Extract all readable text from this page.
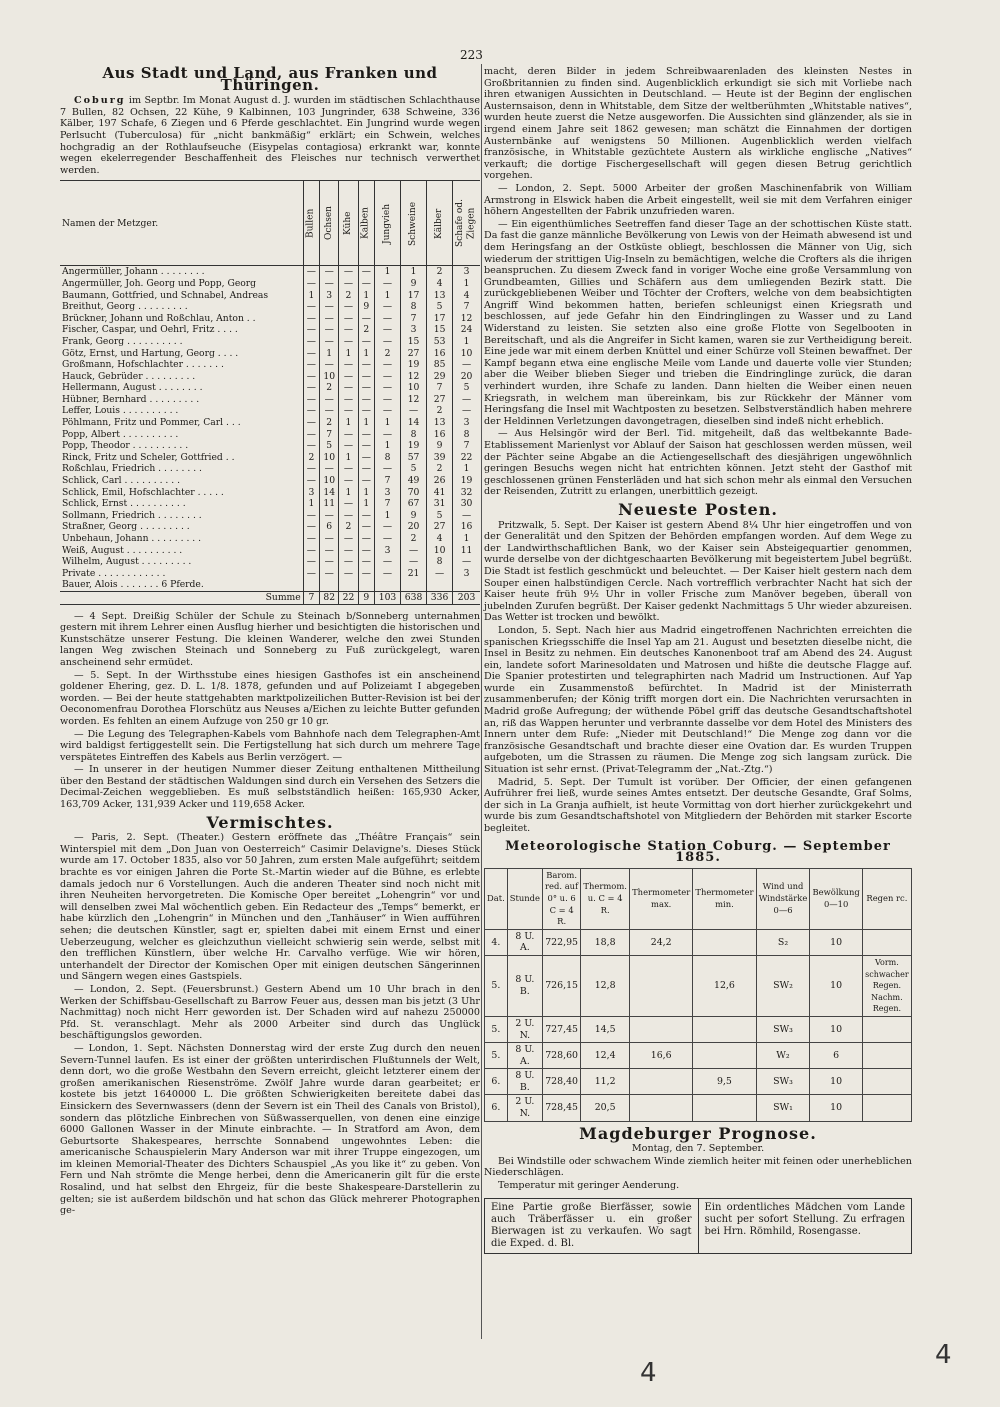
223
Aus Stadt und Land, aus Franken und Thüringen.

Coburg im Septbr. Im Monat August d. J. wurden im städtischen Schlachthause 7 Bullen, 82 Ochsen, 22 Kühe, 9 Kalbinnen, 103 Jungrinder, 638 Schweine, 336 Kälber, 197 Schafe, 6 Ziegen und 6 Pferde geschlachtet. Ein Jungrind wurde wegen Perlsucht (Tuberculosa) für „nicht bankmäßig“ erklärt; ein Schwein, welches hochgradig an der Rothlaufseuche (Eisypelas contagiosa) erkrankt war, konnte wegen ekelerregender Beschaffenheit des Fleisches nur technisch verwerthet werden.

Namen der Metzger.	Bullen	Ochsen	Kühe	Kalben	Jungvieh	Schweine	Kälber	Schafe od. Ziegen
Angermüller, Johann . . . . . . . .	—	—	—	—	1	1	2	3
Angermüller, Joh. Georg und Popp, Georg	—	—	—	—	—	9	4	1
Baumann, Gottfried, und Schnabel, Andreas	1	3	2	1	1	17	13	4
Breithut, Georg . . . . . . . . .	—	—	—	9	—	8	5	7
Brückner, Johann und Roßchlau, Anton . .	—	—	—	—	—	7	17	12
Fischer, Caspar, und Oehrl, Fritz . . . .	—	—	—	2	—	3	15	24
Frank, Georg . . . . . . . . . .	—	—	—	—	—	15	53	1
Götz, Ernst, und Hartung, Georg . . . .	—	1	1	1	2	27	16	10
Großmann, Hofschlachter . . . . . . .	—	—	—	—	—	19	85	—
Hauck, Gebrüder . . . . . . . . .	—	10	—	—	—	12	29	20
Hellermann, August . . . . . . . .	—	2	—	—	—	10	7	5
Hübner, Bernhard . . . . . . . . .	—	—	—	—	—	12	27	—
Leffer, Louis . . . . . . . . . .	—	—	—	—	—	—	2	—
Pöhlmann, Fritz und Pommer, Carl . . .	—	2	1	1	1	14	13	3
Popp, Albert . . . . . . . . . .	—	7	—	—	—	8	16	8
Popp, Theodor . . . . . . . . . .	—	5	—	—	1	19	9	7
Rinck, Fritz und Scheler, Gottfried . .	2	10	1	—	8	57	39	22
Roßchlau, Friedrich . . . . . . . .	—	—	—	—	—	5	2	1
Schlick, Carl . . . . . . . . . .	—	10	—	—	7	49	26	19
Schlick, Emil, Hofschlachter . . . . .	3	14	1	1	3	70	41	32
Schlick, Ernst . . . . . . . . . .	1	11	—	1	7	67	31	30
Sollmann, Friedrich . . . . . . . .	—	—	—	—	1	9	5	—
Straßner, Georg . . . . . . . . .	—	6	2	—	—	20	27	16
Unbehaun, Johann . . . . . . . . .	—	—	—	—	—	2	4	1
Weiß, August . . . . . . . . . .	—	—	—	—	3	—	10	11
Wilhelm, August . . . . . . . . .	—	—	—	—	—	—	8	—
Private . . . . . . . . . . . .	—	—	—	—	—	21	—	3
Bauer, Alois . . . . . . . 6 Pferde.								
Summe	7	82	22	9	103	638	336	203

— 4 Sept. Dreißig Schüler der Schule zu Steinach b/Sonneberg unternahmen gestern mit ihrem Lehrer einen Ausflug hierher und besichtigten die historischen und Kunstschätze unserer Festung. Die kleinen Wanderer, welche den zwei Stunden langen Weg zwischen Steinach und Sonneberg zu Fuß zurückgelegt, waren anscheinend sehr ermüdet.

— 5. Sept. In der Wirthsstube eines hiesigen Gasthofes ist ein anscheinend goldener Ehering, gez. D. L. 1/8. 1878, gefunden und auf Polizeiamt I abgegeben worden. — Bei der heute stattgehabten marktpolizeilichen Butter-Revision ist bei der Oeconomenfrau Dorothea Florschütz aus Neuses a/Eichen zu leichte Butter gefunden worden. Es fehlten an einem Aufzuge von 250 gr 10 gr.

— Die Legung des Telegraphen-Kabels vom Bahnhofe nach dem Telegraphen-Amt wird baldigst fertiggestellt sein. Die Fertigstellung hat sich durch um mehrere Tage verspätetes Eintreffen des Kabels aus Berlin verzögert. —

— In unserer in der heutigen Nummer dieser Zeitung enthaltenen Mittheilung über den Bestand der städtischen Waldungen sind durch ein Versehen des Setzers die Decimal-Zeichen weggeblieben. Es muß selbstständlich heißen: 165,930 Acker, 163,709 Acker, 131,939 Acker und 119,658 Acker.

Vermischtes.

— Paris, 2. Sept. (Theater.) Gestern eröffnete das „Théâtre Français“ sein Winterspiel mit dem „Don Juan von Oesterreich“ Casimir Delavigne's. Dieses Stück wurde am 17. October 1835, also vor 50 Jahren, zum ersten Male aufgeführt; seitdem brachte es vor einigen Jahren die Porte St.-Martin wieder auf die Bühne, es erlebte damals jedoch nur 6 Vorstellungen. Auch die anderen Theater sind noch nicht mit ihren Neuheiten hervorgetreten. Die Komische Oper bereitet „Lohengrin“ vor und will denselben zwei Mal wöchentlich geben. Ein Redacteur des „Temps“ bemerkt, er habe kürzlich den „Lohengrin“ in München und den „Tanhäuser“ in Wien aufführen sehen; die deutschen Künstler, sagt er, spielten dabei mit einem Ernst und einer Ueberzeugung, welcher es gleichzuthun vielleicht schwierig sein werde, selbst mit den trefflichen Künstlern, über welche Hr. Carvalho verfüge. Wie wir hören, unterhandelt der Director der Komischen Oper mit einigen deutschen Sängerinnen und Sängern wegen eines Gastspiels.

— London, 2. Sept. (Feuersbrunst.) Gestern Abend um 10 Uhr brach in den Werken der Schiffsbau-Gesellschaft zu Barrow Feuer aus, dessen man bis jetzt (3 Uhr Nachmittag) noch nicht Herr geworden ist. Der Schaden wird auf nahezu 250000 Pfd. St. veranschlagt. Mehr als 2000 Arbeiter sind durch das Unglück beschäftigungslos geworden.

— London, 1. Sept. Nächsten Donnerstag wird der erste Zug durch den neuen Severn-Tunnel laufen. Es ist einer der größten unterirdischen Flußtunnels der Welt, denn dort, wo die große Westbahn den Severn erreicht, gleicht letzterer einem der großen amerikanischen Riesenströme. Zwölf Jahre wurde daran gearbeitet; er kostete bis jetzt 1640000 L. Die größten Schwierigkeiten bereitete dabei das Einsickern des Severnwassers (denn der Severn ist ein Theil des Canals von Bristol), sondern das plötzliche Einbrechen von Süßwasserquellen, von denen eine einzige 6000 Gallonen Wasser in der Minute einbrachte. — In Stratford am Avon, dem Geburtsorte Shakespeares, herrschte Sonnabend ungewohntes Leben: die americanische Schauspielerin Mary Anderson war mit ihrer Truppe eingezogen, um im kleinen Memorial-Theater des Dichters Schauspiel „As you like it“ zu geben. Von Fern und Nah strömte die Menge herbei, denn die Americanerin gilt für die erste Rosalind, und hat selbst den Ehrgeiz, für die beste Shakespeare-Darstellerin zu gelten; sie ist außerdem bildschön und hat schon das Glück mehrerer Photographen ge-

macht, deren Bilder in jedem Schreibwaarenladen des kleinsten Nestes in Großbritannien zu finden sind. Augenblicklich erkundigt sie sich mit Vorliebe nach ihren etwanigen Aussichten in Deutschland. — Heute ist der Beginn der englischen Austernsaison, denn in Whitstable, dem Sitze der weltberühmten „Whitstable natives“, wurden heute zuerst die Netze ausgeworfen. Die Aussichten sind glänzender, als sie in irgend einem Jahre seit 1862 gewesen; man schätzt die Einnahmen der dortigen Austernbänke auf wenigstens 50 Millionen. Augenblicklich werden vielfach französische, in Whitstable gezüchtete Austern als wirkliche englische „Natives“ verkauft; die dortige Fischergesellschaft will gegen diesen Betrug gerichtlich vorgehen.

— London, 2. Sept. 5000 Arbeiter der großen Maschinenfabrik von William Armstrong in Elswick haben die Arbeit eingestellt, weil sie mit dem Verfahren einiger höhern Angestellten der Fabrik unzufrieden waren.

— Ein eigenthümliches Seetreffen fand dieser Tage an der schottischen Küste statt. Da fast die ganze männliche Bevölkerung von Lewis von der Heimath abwesend ist und dem Heringsfang an der Ostküste obliegt, beschlossen die Männer von Uig, sich wiederum der strittigen Uig-Inseln zu bemächtigen, welche die Crofters als die ihrigen beanspruchen. Zu diesem Zweck fand in voriger Woche eine große Versammlung von Grundbeamten, Gillies und Schäfern aus dem umliegenden Bezirk statt. Die zurückgebliebenen Weiber und Töchter der Crofters, welche von dem beabsichtigten Angriff Wind bekommen hatten, beriefen schleunigst einen Kriegsrath und beschlossen, auf jede Gefahr hin den Eindringlingen zu Wasser und zu Land Widerstand zu leisten. Sie setzten also eine große Flotte von Segelbooten in Bereitschaft, und als die Angreifer in Sicht kamen, waren sie zur Vertheidigung bereit. Eine jede war mit einem derben Knüttel und einer Schürze voll Steinen bewaffnet. Der Kampf begann etwa eine englische Meile vom Lande und dauerte volle vier Stunden; aber die Weiber blieben Sieger und trieben die Eindringlinge zurück, die daran verhindert wurden, ihre Schafe zu landen. Dann hielten die Weiber einen neuen Kriegsrath, in welchem man übereinkam, bis zur Rückkehr der Männer vom Heringsfang die Insel mit Wachtposten zu besetzen. Selbstverständlich haben mehrere der Heldinnen Verletzungen davongetragen, dieselben sind indeß nicht erheblich.

— Aus Helsingör wird der Berl. Tid. mitgeheilt, daß das weltbekannte Bade-Etablissement Marienlyst vor Ablauf der Saison hat geschlossen werden müssen, weil der Pächter seine Abgabe an die Actiengesellschaft des diesjährigen ungewöhnlich geringen Besuchs wegen nicht hat entrichten können. Jetzt steht der Gasthof mit geschlossenen grünen Fensterläden und hat sich schon mehr als einmal den Versuchen der Reisenden, Zutritt zu erlangen, unerbittlich gezeigt.

Neueste Posten.

Pritzwalk, 5. Sept. Der Kaiser ist gestern Abend 8¼ Uhr hier eingetroffen und von der Generalität und den Spitzen der Behörden empfangen worden. Auf dem Wege zu der Landwirthschaftlichen Bank, wo der Kaiser sein Absteigequartier genommen, wurde derselbe von der dichtgeschaarten Bevölkerung mit begeistertem Jubel begrüßt. Die Stadt ist festlich geschmückt und beleuchtet. — Der Kaiser hielt gestern nach dem Souper einen halbstündigen Cercle. Nach vortrefflich verbrachter Nacht hat sich der Kaiser heute früh 9½ Uhr in voller Frische zum Manöver begeben, überall von jubelnden Zurufen begrüßt. Der Kaiser gedenkt Nachmittags 5 Uhr wieder abzureisen. Das Wetter ist trocken und bewölkt.

London, 5. Sept. Nach hier aus Madrid eingetroffenen Nachrichten erreichten die spanischen Kriegsschiffe die Insel Yap am 21. August und besetzten dieselbe nicht, die Insel in Besitz zu nehmen. Ein deutsches Kanonenboot traf am Abend des 24. August ein, landete sofort Marinesoldaten und Matrosen und hißte die deutsche Flagge auf. Die Spanier protestirten und telegraphirten nach Madrid um Instructionen. Auf Yap wurde ein Zusammenstoß befürchtet. In Madrid ist der Ministerrath zusammenberufen; der König trifft morgen dort ein. Die Nachrichten verursachten in Madrid große Aufregung; der wüthende Pöbel griff das deutsche Gesandtschaftshotel an, riß das Wappen herunter und verbrannte dasselbe vor dem Hotel des Ministers des Innern unter dem Rufe: „Nieder mit Deutschland!“ Die Menge zog dann vor die französische Gesandtschaft und brachte dieser eine Ovation dar. Es wurden Truppen aufgeboten, um die Strassen zu räumen. Die Menge zog sich langsam zurück. Die Situation ist sehr ernst. (Privat-Telegramm der „Nat.-Ztg.“)

Madrid, 5. Sept. Der Tumult ist vorüber. Der Officier, der einen gefangenen Aufrührer frei ließ, wurde seines Amtes entsetzt. Der deutsche Gesandte, Graf Solms, der sich in La Granja aufhielt, ist heute Vormittag von dort hierher zurückgekehrt und wurde bis zum Gesandtschaftshotel von Mitgliedern der Behörden mit starker Escorte begleitet.

Meteorologische Station Coburg. — September 1885.
Dat.	Stunde	Barom. red. auf 0° u. 6 C = 4 R.	Thermom. u. C = 4 R.	Thermometer max.	Thermometer min.	Wind und Windstärke 0—6	Bewölkung 0—10	Regen rc.
4.	8 U. A.	722,95	18,8	24,2		S₂	10	
5.	8 U. B.	726,15	12,8		12,6	SW₂	10	Vorm. schwacher Regen. Nachm. Regen.
5.	2 U. N.	727,45	14,5			SW₃	10	
5.	8 U. A.	728,60	12,4	16,6		W₂	6	
6.	8 U. B.	728,40	11,2		9,5	SW₃	10	
6.	2 U. N.	728,45	20,5			SW₁	10	
Magdeburger Prognose.

Montag, den 7. September.

Bei Windstille oder schwachem Winde ziemlich heiter mit feinen oder unerheblichen Niederschlägen.

Temperatur mit geringer Aenderung.

Eine Partie große Bierfässer, sowie auch Träberfässer u. ein großer Bierwagen ist zu verkaufen. Wo sagt die Exped. d. Bl.
Ein ordentliches Mädchen vom Lande sucht per sofort Stellung. Zu erfragen bei Hrn. Römhild, Rosengasse.
4
4
